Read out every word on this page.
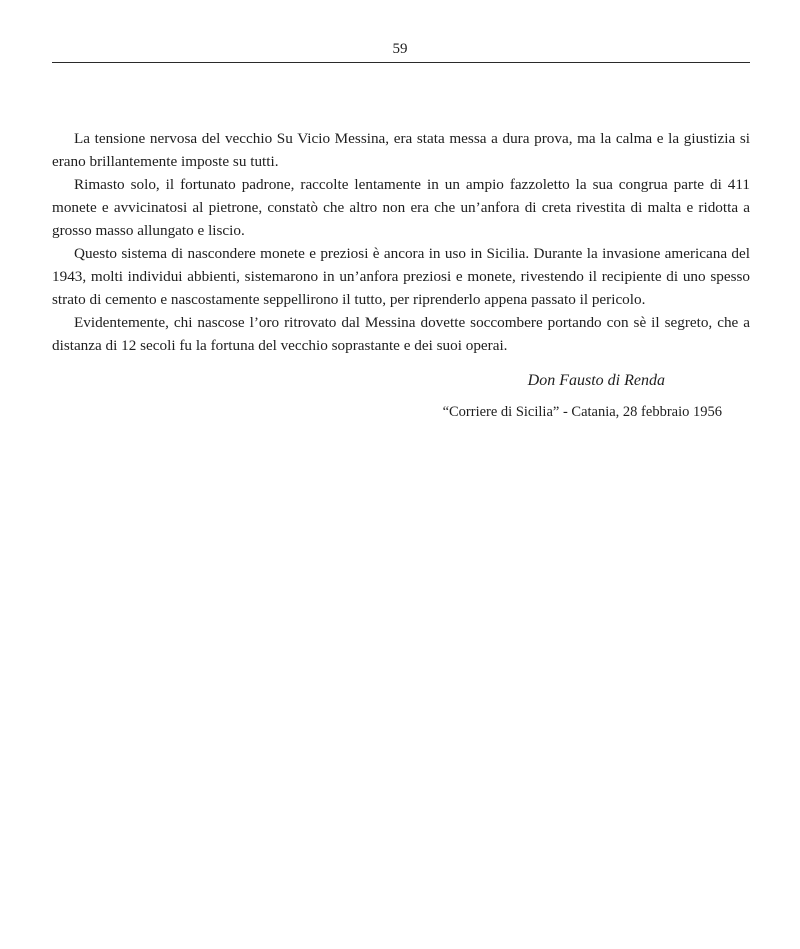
59

La tensione nervosa del vecchio Su Vicio Messina, era stata messa a dura prova, ma la calma e la giustizia si erano brillantemente imposte su tutti.

Rimasto solo, il fortunato padrone, raccolte lentamente in un ampio fazzoletto la sua congrua parte di 411 monete e avvicinatosi al pietrone, constatò che altro non era che un’anfora di creta rivestita di malta e ridotta a grosso masso allungato e liscio.

Questo sistema di nascondere monete e preziosi è ancora in uso in Sicilia. Durante la invasione americana del 1943, molti individui abbienti, sistemarono in un’anfora preziosi e monete, rivestendo il recipiente di uno spesso strato di cemento e nascostamente seppellirono il tutto, per riprenderlo appena passato il pericolo.

Evidentemente, chi nascose l’oro ritrovato dal Messina dovette soccombere portando con sè il segreto, che a distanza di 12 secoli fu la fortuna del vecchio soprastante e dei suoi operai.

Don Fausto di Renda
“Corriere di Sicilia” - Catania, 28 febbraio 1956
